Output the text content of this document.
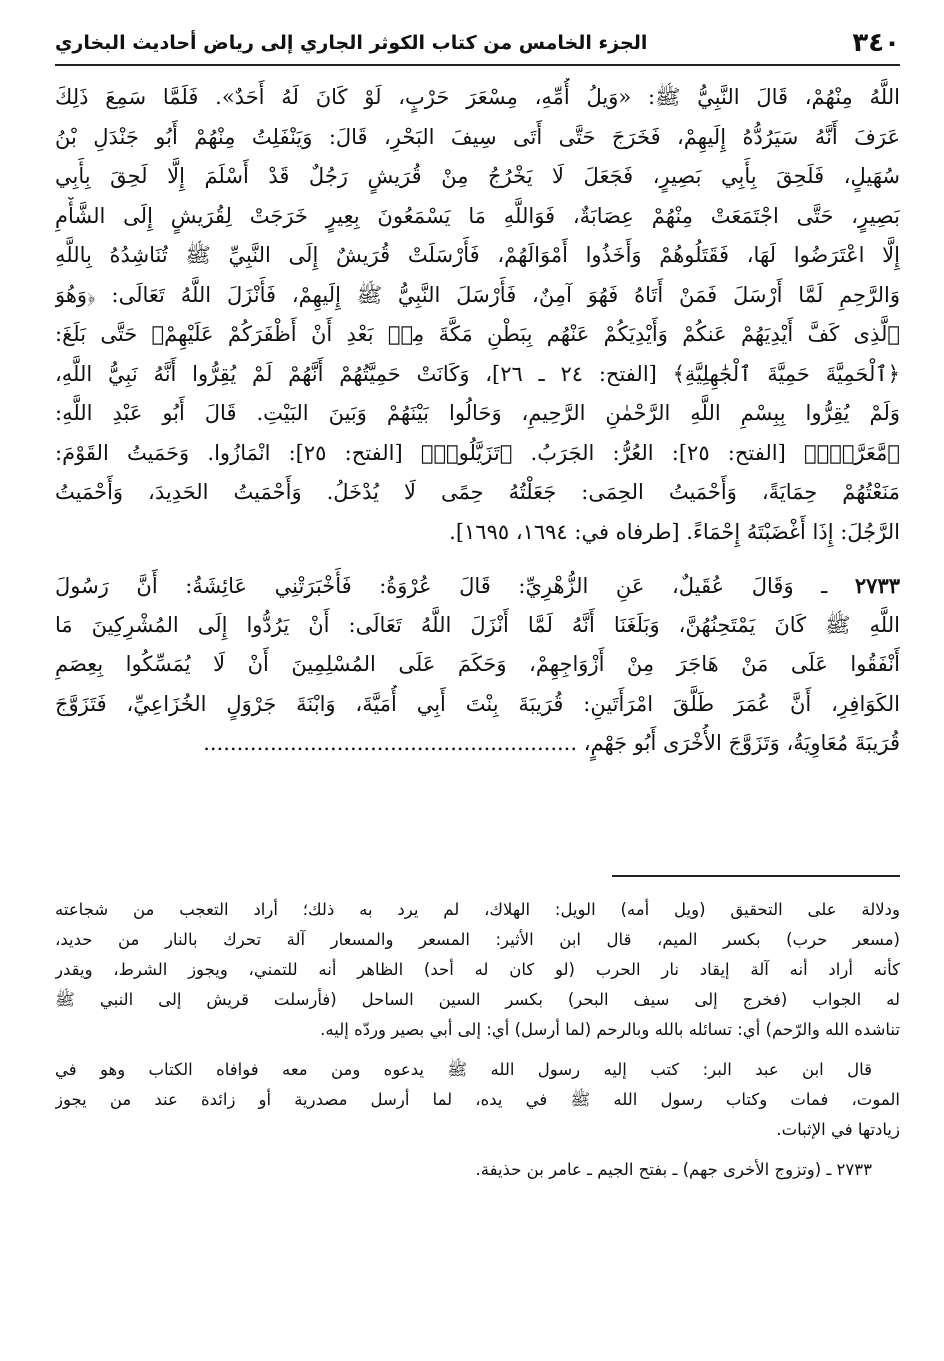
٣٤٠
الجزء الخامس من كتاب الكوثر الجاري إلى رياض أحاديث البخاري
اللَّهُ مِنْهُمْ، قَالَ النَّبِيُّ ﷺ: «وَيلُ أُمِّهِ، مِسْعَرَ حَرْبٍ، لَوْ كَانَ لَهُ أَحَدٌ». فَلَمَّا سَمِعَ ذَلِكَ
عَرَفَ أَنَّهُ سَيَرُدُّهُ إِلَيهِمْ، فَخَرَجَ حَتَّى أَتَى سِيفَ البَحْرِ، قَالَ: وَيَنْفَلِتُ مِنْهُمْ أَبُو جَنْدَلِ بْنُ
سُهَيلٍ، فَلَحِقَ بِأَبِي بَصِيرٍ، فَجَعَلَ لَا يَخْرُجُ مِنْ قُرَيشٍ رَجُلٌ قَدْ أَسْلَمَ إِلَّا لَحِقَ بِأَبِي
بَصِيرٍ، حَتَّى اجْتَمَعَتْ مِنْهُمْ عِصَابَةٌ، فَوَاللَّهِ مَا يَسْمَعُونَ بِعِيرٍ خَرَجَتْ لِقُرَيشٍ إِلَى الشَّأْمِ
إِلَّا اعْتَرَضُوا لَهَا، فَقَتَلُوهُمْ وَأَخَذُوا أَمْوَالَهُمْ، فَأَرْسَلَتْ قُرَيشٌ إِلَى النَّبِيِّ ﷺ تُنَاشِدُهُ بِاللَّهِ
وَالرَّحِمِ لَمَّا أَرْسَلَ فَمَنْ أَتَاهُ فَهُوَ آمِنٌ، فَأَرْسَلَ النَّبِيُّ ﷺ إِلَيهِمْ، فَأَنْزَلَ اللَّهُ تَعَالَى: ﴿وَهُوَ
ٱلَّذِى كَفَّ أَيْدِيَهُمْ عَنكُمْ وَأَيْدِيَكُمْ عَنْهُم بِبَطْنِ مَكَّةَ مِنۢ بَعْدِ أَنْ أَظْفَرَكُمْ عَلَيْهِمْ﴾ حَتَّى بَلَغَ:
﴿ٱلْحَمِيَّةَ حَمِيَّةَ ٱلْجَٰهِلِيَّةِ﴾ [الفتح: ٢٤ ـ ٢٦]، وَكَانَتْ حَمِيَّتُهُمْ أَنَّهُمْ لَمْ يُقِرُّوا أَنَّهُ نَبِيُّ اللَّهِ،
وَلَمْ يُقِرُّوا بِبِسْمِ اللَّهِ الرَّحْمٰنِ الرَّحِيمِ، وَحَالُوا بَيْنَهُمْ وَبَينَ البَيْتِ. قَالَ أَبُو عَبْدِ اللَّهِ:
﴿مَّعَرَّةٌۢ﴾ [الفتح: ٢٥]: العُرُّ: الجَرَبُ. ﴿تَزَيَّلُوا۟﴾ [الفتح: ٢٥]: انْمَازُوا. وَحَمَيتُ القَوْمَ:
مَنَعْتُهُمْ حِمَايَةً، وَأَحْمَيتُ الحِمَى: جَعَلْتُهُ حِمًى لَا يُدْخَلُ. وَأَحْمَيتُ الحَدِيدَ، وَأَحْمَيتُ
الرَّجُلَ: إِذَا أَغْضَبْتَهُ إِحْمَاءً. [طرفاه في: ١٦٩٤، ١٦٩٥].
٢٧٣٣ ـ وَقَالَ عُقَيلٌ، عَنِ الزُّهْرِيِّ: قَالَ عُرْوَةُ: فَأَخْبَرَتْنِي عَائِشَةُ: أَنَّ رَسُولَ
اللَّهِ ﷺ كَانَ يَمْتَحِنُهُنَّ، وَبَلَغَنَا أَنَّهُ لَمَّا أَنْزَلَ اللَّهُ تَعَالَى: أَنْ يَرُدُّوا إِلَى المُشْرِكِينَ مَا
أَنْفَقُوا عَلَى مَنْ هَاجَرَ مِنْ أَزْوَاجِهِمْ، وَحَكَمَ عَلَى المُسْلِمِينَ أَنْ لَا يُمَسِّكُوا بِعِصَمِ
الكَوَافِرِ، أَنَّ عُمَرَ طَلَّقَ امْرَأَتَينِ: قُرَيبَةَ بِنْتَ أَبِي أُمَيَّةَ، وَابْنَةَ جَرْوَلٍ الخُزَاعِيِّ، فَتَزَوَّجَ
قُرَيبَةَ مُعَاوِيَةُ، وَتَزَوَّجَ الأُخْرَى أَبُو جَهْمٍ، ........................................................
ودلالة على التحقيق (ويل أمه) الويل: الهلاك، لم يرد به ذلك؛ أراد التعجب من شجاعته
(مسعر حرب) بكسر الميم، قال ابن الأثير: المسعر والمسعار آلة تحرك بالنار من حديد،
كأنه أراد أنه آلة إيقاد نار الحرب (لو كان له أحد) الظاهر أنه للتمني، ويجوز الشرط، ويقدر
له الجواب (فخرج إلى سيف البحر) بكسر السين الساحل (فأرسلت قريش إلى النبي ﷺ
تناشده الله والرّحم) أي: تسائله بالله وبالرحم (لما أرسل) أي: إلى أبي بصير وردّه إليه.
قال ابن عبد البر: كتب إليه رسول الله ﷺ يدعوه ومن معه فوافاه الكتاب وهو في
الموت، فمات وكتاب رسول الله ﷺ في يده، لما أرسل مصدرية أو زائدة عند من يجوز
زيادتها في الإثبات.
٢٧٣٣ ـ (وتزوج الأخرى جهم) ـ بفتح الجيم ـ عامر بن حذيفة.
